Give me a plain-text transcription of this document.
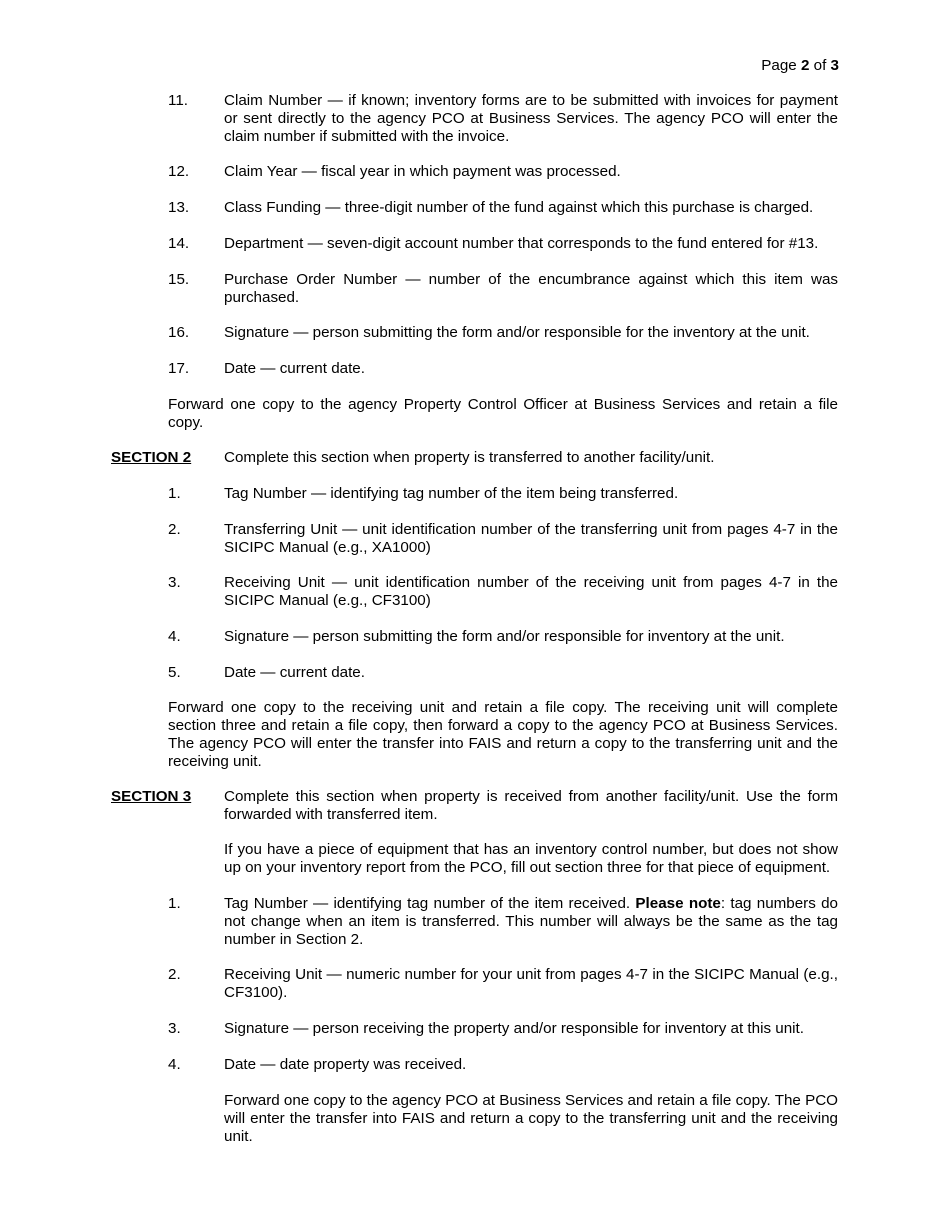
Page 2 of 3
11. Claim Number — if known; inventory forms are to be submitted with invoices for payment or sent directly to the agency PCO at Business Services. The agency PCO will enter the claim number if submitted with the invoice.
12. Claim Year — fiscal year in which payment was processed.
13. Class Funding — three-digit number of the fund against which this purchase is charged.
14. Department — seven-digit account number that corresponds to the fund entered for #13.
15. Purchase Order Number — number of the encumbrance against which this item was purchased.
16. Signature — person submitting the form and/or responsible for the inventory at the unit.
17. Date — current date.
Forward one copy to the agency Property Control Officer at Business Services and retain a file copy.
SECTION 2 Complete this section when property is transferred to another facility/unit.
1.	Tag Number — identifying tag number of the item being transferred.
2.	Transferring Unit — unit identification number of the transferring unit from pages 4-7 in the SICIPC Manual (e.g., XA1000)
3.	Receiving Unit — unit identification number of the receiving unit from pages 4-7 in the SICIPC Manual (e.g., CF3100)
4.	Signature — person submitting the form and/or responsible for inventory at the unit.
5.	Date — current date.
Forward one copy to the receiving unit and retain a file copy. The receiving unit will complete section three and retain a file copy, then forward a copy to the agency PCO at Business Services. The agency PCO will enter the transfer into FAIS and return a copy to the transferring unit and the receiving unit.
SECTION 3 Complete this section when property is received from another facility/unit. Use the form forwarded with transferred item.
If you have a piece of equipment that has an inventory control number, but does not show up on your inventory report from the PCO, fill out section three for that piece of equipment.
1.	Tag Number — identifying tag number of the item received. Please note: tag numbers do not change when an item is transferred. This number will always be the same as the tag number in Section 2.
2.	Receiving Unit — numeric number for your unit from pages 4-7 in the SICIPC Manual (e.g., CF3100).
3.	Signature — person receiving the property and/or responsible for inventory at this unit.
4.	Date — date property was received.
Forward one copy to the agency PCO at Business Services and retain a file copy. The PCO will enter the transfer into FAIS and return a copy to the transferring unit and the receiving unit.
